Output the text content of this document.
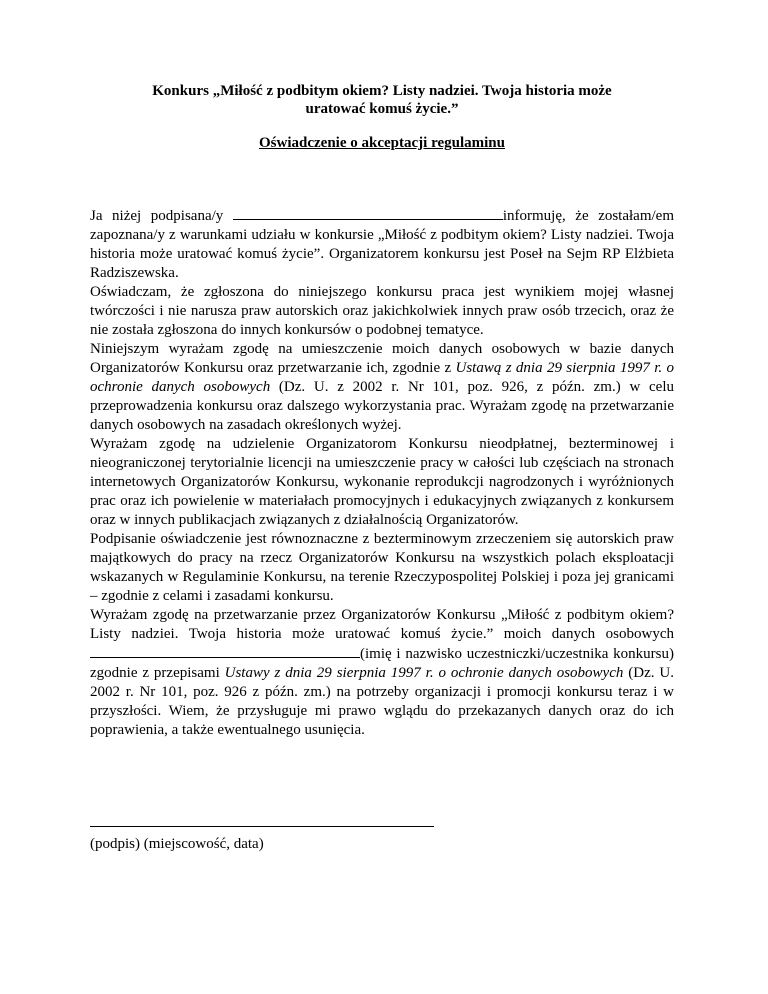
Konkurs „Miłość z podbitym okiem? Listy nadziei. Twoja historia może
uratować komuś życie.”

Oświadczenie o akceptacji regulaminu

Ja niżej podpisana/y	informuję, że zostałam/em zapoznana/y z warunkami udziału w konkursie „Miłość z podbitym okiem? Listy nadziei. Twoja historia może uratować komuś życie”. Organizatorem konkursu jest Poseł na Sejm RP Elżbieta Radziszewska.

Oświadczam, że zgłoszona do niniejszego konkursu praca jest wynikiem mojej własnej twórczości i nie narusza praw autorskich oraz jakichkolwiek innych praw osób trzecich, oraz że nie została zgłoszona do innych konkursów o podobnej tematyce.

Niniejszym wyrażam zgodę na umieszczenie moich danych osobowych w bazie danych Organizatorów Konkursu oraz przetwarzanie ich, zgodnie z Ustawą z dnia 29 sierpnia 1997 r. o ochronie danych osobowych (Dz. U. z 2002 r. Nr 101, poz. 926, z późn. zm.) w celu przeprowadzenia konkursu oraz dalszego wykorzystania prac. Wyrażam zgodę na przetwarzanie danych osobowych na zasadach określonych wyżej.

Wyrażam zgodę na udzielenie Organizatorom Konkursu nieodpłatnej, bezterminowej i nieograniczonej terytorialnie licencji na umieszczenie pracy w całości lub częściach na stronach internetowych Organizatorów Konkursu, wykonanie reprodukcji nagrodzonych i wyróżnionych prac oraz ich powielenie w materiałach promocyjnych i edukacyjnych związanych z konkursem oraz w innych publikacjach związanych z działalnością Organizatorów.

Podpisanie oświadczenie jest równoznaczne z bezterminowym zrzeczeniem się autorskich praw majątkowych do pracy na rzecz Organizatorów Konkursu na wszystkich polach eksploatacji wskazanych w Regulaminie Konkursu, na terenie Rzeczypospolitej Polskiej i poza jej granicami – zgodnie z celami i zasadami konkursu.

Wyrażam zgodę na przetwarzanie przez Organizatorów Konkursu „Miłość z podbitym okiem? Listy nadziei. Twoja historia może uratować komuś życie.” moich danych osobowych (imię i nazwisko uczestniczki/uczestnika konkursu) zgodnie z przepisami Ustawy z dnia 29 sierpnia 1997 r. o ochronie danych osobowych (Dz. U. 2002 r. Nr 101, poz. 926 z późn. zm.) na potrzeby organizacji i promocji konkursu teraz i w przyszłości. Wiem, że przysługuje mi prawo wglądu do przekazanych danych oraz do ich poprawienia, a także ewentualnego usunięcia.

(podpis) (miejscowość, data)
